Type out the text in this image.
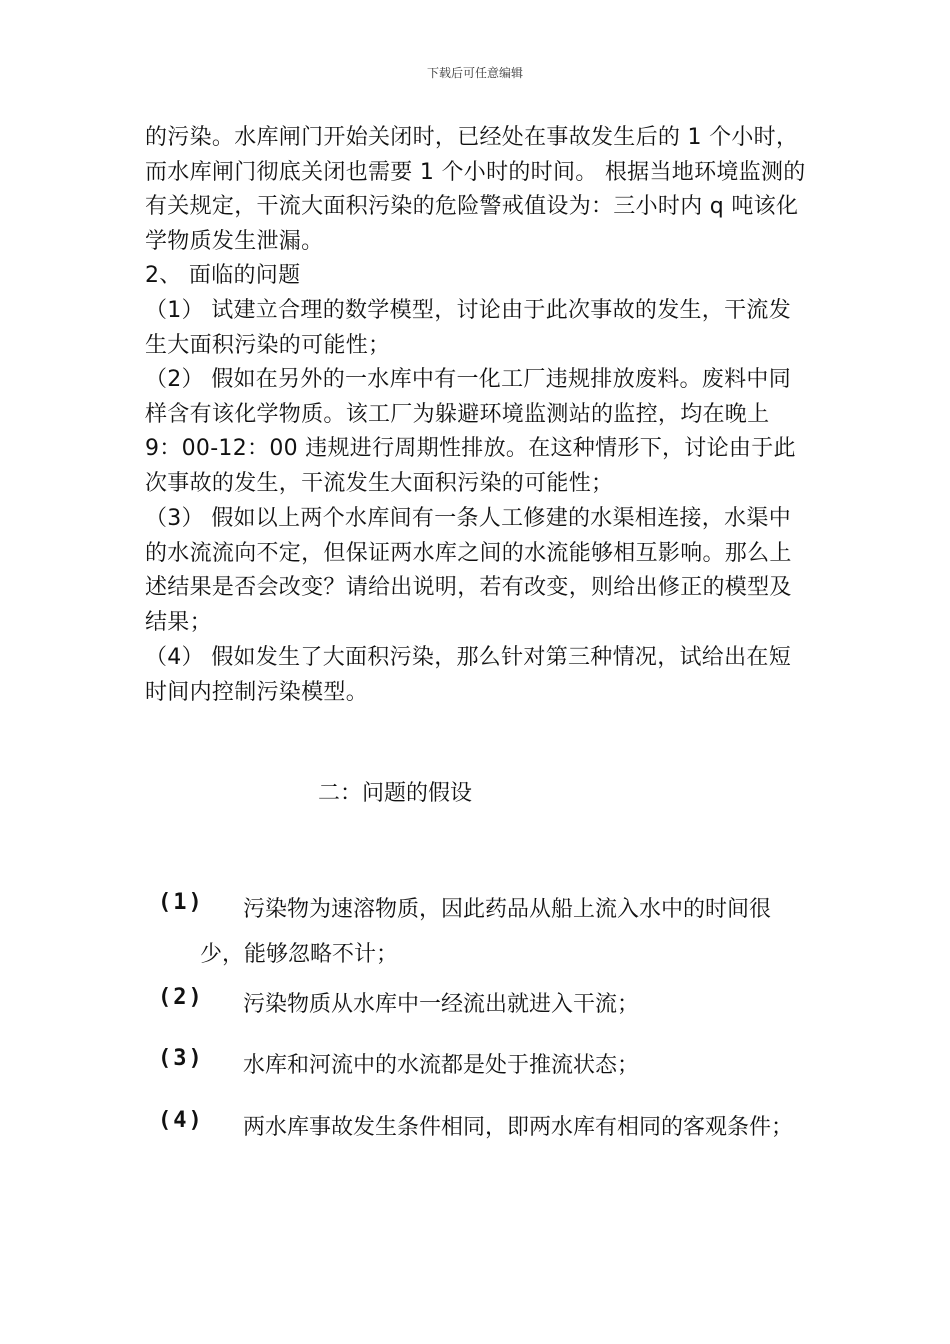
下载后可任意编辑

的污染。水库闸门开始关闭时，已经处在事故发生后的 1 个小时，而水库闸门彻底关闭也需要 1 个小时的时间。 根据当地环境监测的有关规定，干流大面积污染的危险警戒值设为：三小时内 q 吨该化学物质发生泄漏。

2、 面临的问题

（1） 试建立合理的数学模型，讨论由于此次事故的发生，干流发生大面积污染的可能性；

（2） 假如在另外的一水库中有一化工厂违规排放废料。废料中同样含有该化学物质。该工厂为躲避环境监测站的监控，均在晚上 9：00-12：00 违规进行周期性排放。在这种情形下，讨论由于此次事故的发生，干流发生大面积污染的可能性；

（3） 假如以上两个水库间有一条人工修建的水渠相连接，水渠中的水流流向不定，但保证两水库之间的水流能够相互影响。那么上述结果是否会改变？请给出说明，若有改变，则给出修正的模型及结果；

（4） 假如发生了大面积污染，那么针对第三种情况，试给出在短时间内控制污染模型。

二：问题的假设
(1) 污染物为速溶物质，因此药品从船上流入水中的时间很
少，能够忽略不计；
(2) 污染物质从水库中一经流出就进入干流；
(3) 水库和河流中的水流都是处于推流状态；
(4) 两水库事故发生条件相同，即两水库有相同的客观条件；
